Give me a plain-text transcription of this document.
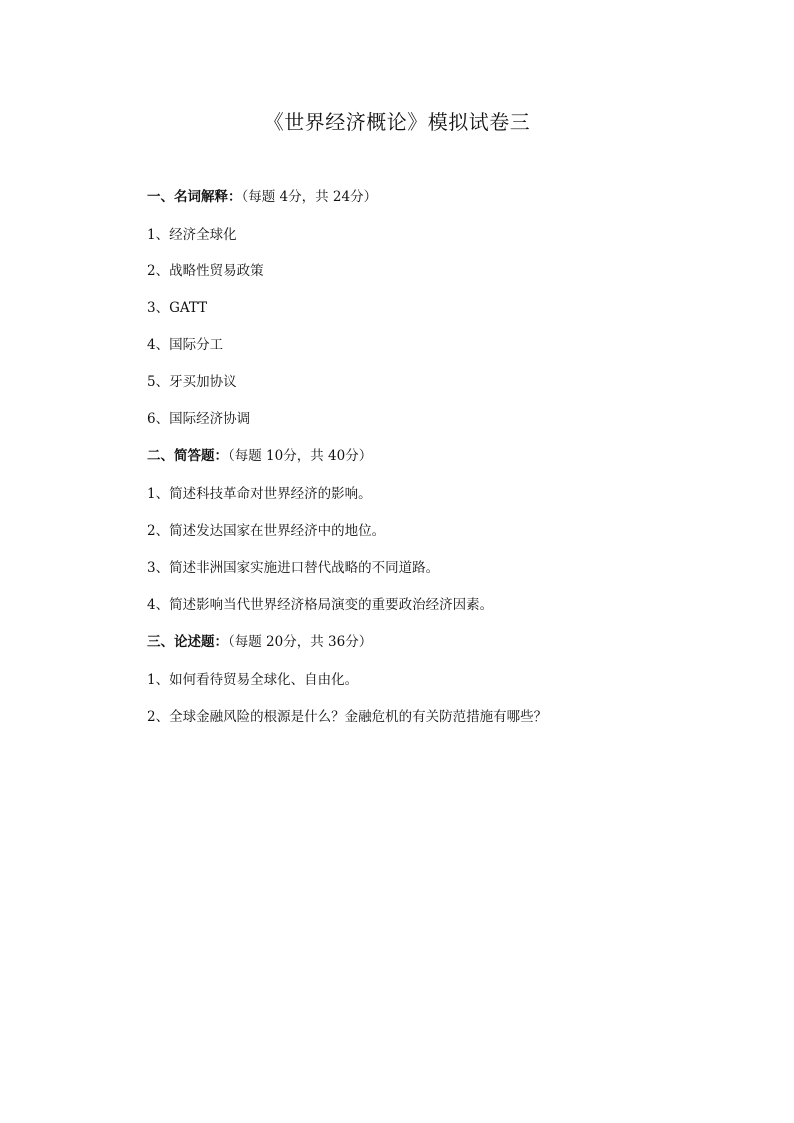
《世界经济概论》模拟试卷三
一、名词解释：（每题 4分，共 24分）
1、经济全球化
2、战略性贸易政策
3、GATT
4、国际分工
5、牙买加协议
6、国际经济协调
二、简答题：（每题 10分，共 40分）
1、简述科技革命对世界经济的影响。
2、简述发达国家在世界经济中的地位。
3、简述非洲国家实施进口替代战略的不同道路。
4、简述影响当代世界经济格局演变的重要政治经济因素。
三、论述题：（每题 20分，共 36分）
1、如何看待贸易全球化、自由化。
2、全球金融风险的根源是什么？金融危机的有关防范措施有哪些？
